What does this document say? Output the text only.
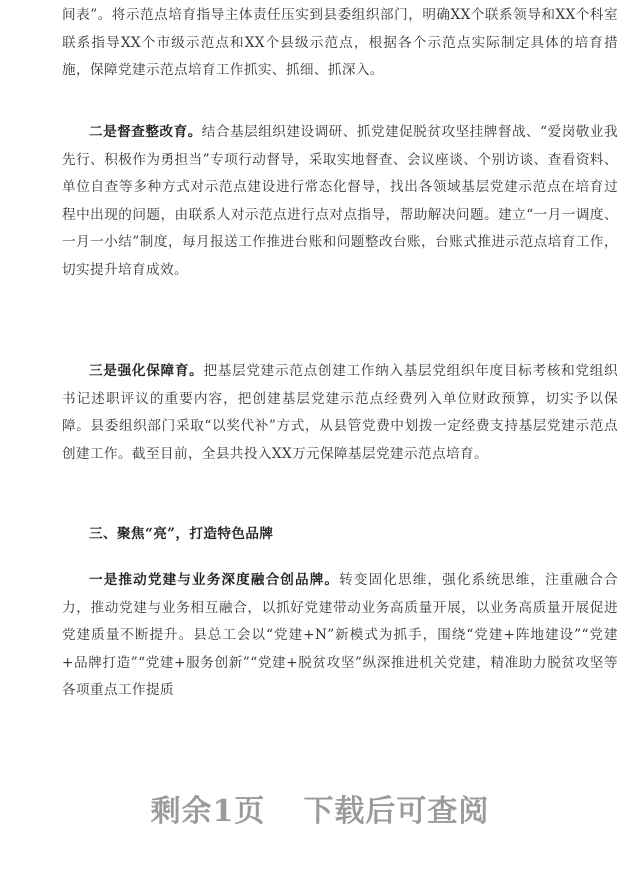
间表”。将示范点培育指导主体责任压实到县委组织部门，明确XX个联系领导和XX个科室联系指导XX个市级示范点和XX个县级示范点，根据各个示范点实际制定具体的培育措施，保障党建示范点培育工作抓实、抓细、抓深入。

二是督查整改育。结合基层组织建设调研、抓党建促脱贫攻坚挂牌督战、“爱岗敬业我先行、积极作为勇担当”专项行动督导，采取实地督查、会议座谈、个别访谈、查看资料、单位自查等多种方式对示范点建设进行常态化督导，找出各领域基层党建示范点在培育过程中出现的问题，由联系人对示范点进行点对点指导，帮助解决问题。建立“一月一调度、一月一小结”制度，每月报送工作推进台账和问题整改台账，台账式推进示范点培育工作，切实提升培育成效。

三是强化保障育。把基层党建示范点创建工作纳入基层党组织年度目标考核和党组织书记述职评议的重要内容，把创建基层党建示范点经费列入单位财政预算，切实予以保障。县委组织部门采取“以奖代补”方式，从县管党费中划拨一定经费支持基层党建示范点创建工作。截至目前，全县共投入XX万元保障基层党建示范点培育。

三、聚焦“亮”，打造特色品牌

一是推动党建与业务深度融合创品牌。转变固化思维，强化系统思维，注重融合合力，推动党建与业务相互融合，以抓好党建带动业务高质量开展，以业务高质量开展促进党建质量不断提升。县总工会以“党建+N”新模式为抓手，围绕“党建+阵地建设”“党建+品牌打造”“党建+服务创新”“党建+脱贫攻坚”纵深推进机关党建，精准助力脱贫攻坚等各项重点工作提质

剩余1页 下载后可查阅
